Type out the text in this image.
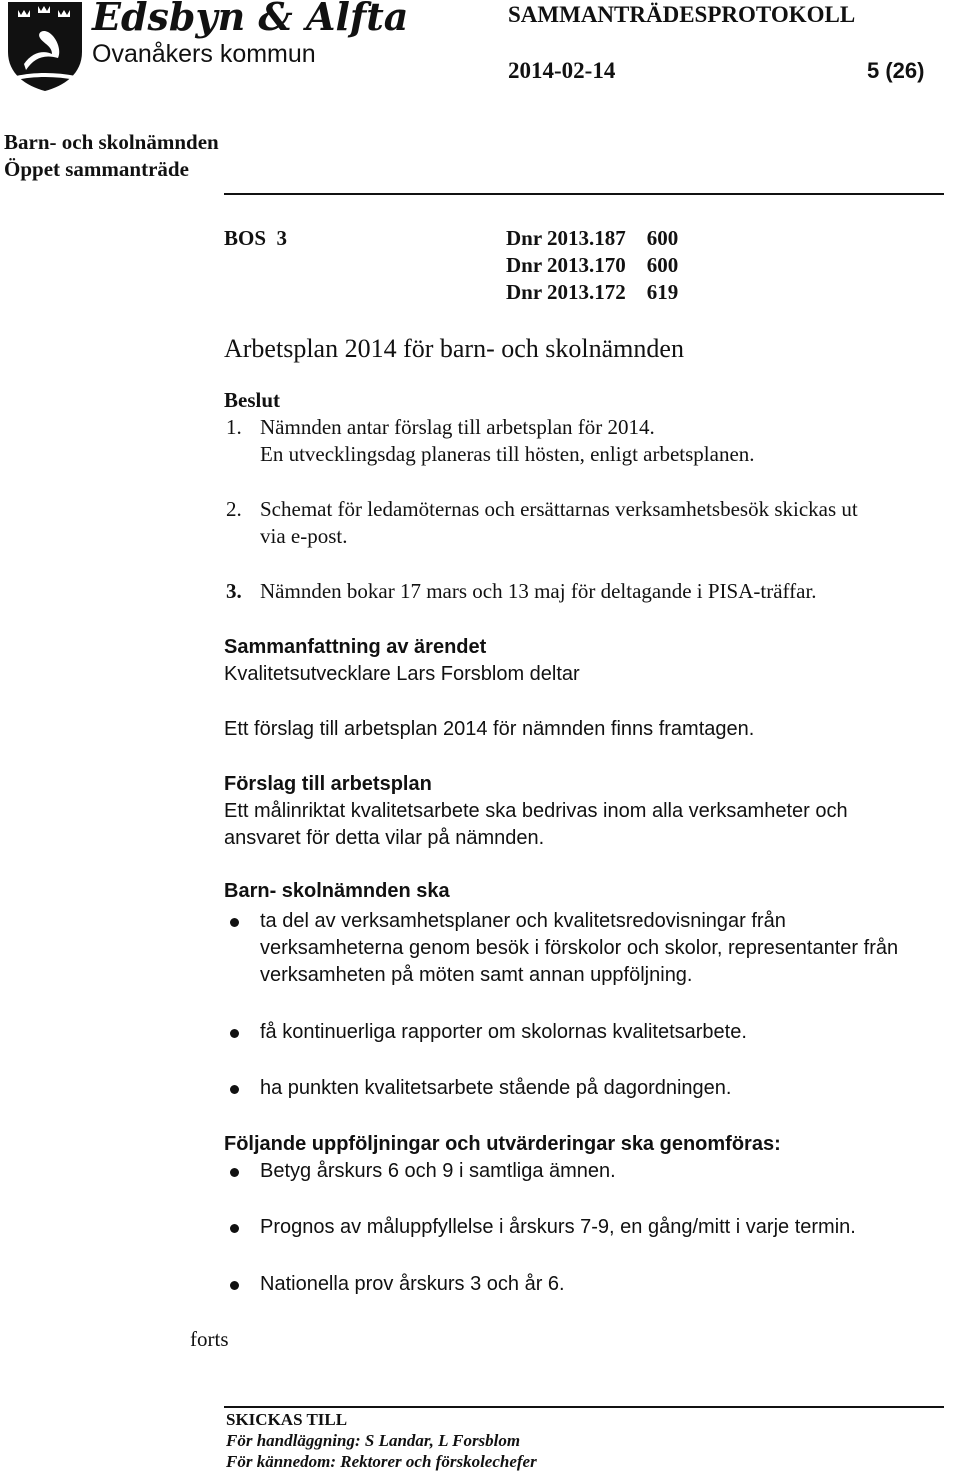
Edsbyn & Alfta
Ovanåkers kommun
SAMMANTRÄDESPROTOKOLL
2014-02-14	5 (26)
Barn- och skolnämnden
Öppet sammanträde
BOS  3	Dnr 2013.187    600
Dnr 2013.170    600
Dnr 2013.172    619
Arbetsplan 2014 för barn- och skolnämnden
Beslut
1. Nämnden antar förslag till arbetsplan för 2014.
En utvecklingsdag planeras till hösten, enligt arbetsplanen.
2. Schemat för ledamöternas och ersättarnas verksamhetsbesök skickas ut
via e-post.
3. Nämnden bokar 17 mars och 13 maj för deltagande i PISA-träffar.
Sammanfattning av ärendet
Kvalitetsutvecklare Lars Forsblom deltar
Ett förslag till arbetsplan 2014 för nämnden finns framtagen.
Förslag till arbetsplan
Ett målinriktat kvalitetsarbete ska bedrivas inom alla verksamheter och
ansvaret för detta vilar på nämnden.
Barn- skolnämnden ska
ta del av verksamhetsplaner och kvalitetsredovisningar från
verksamheterna genom besök i förskolor och skolor, representanter från
verksamheten på möten samt annan uppföljning.
få kontinuerliga rapporter om skolornas kvalitetsarbete.
ha punkten kvalitetsarbete stående på dagordningen.
Följande uppföljningar och utvärderingar ska genomföras:
Betyg årskurs 6 och 9 i samtliga ämnen.
Prognos av måluppfyllelse i årskurs 7-9, en gång/mitt i varje termin.
Nationella prov årskurs 3 och år 6.
forts
SKICKAS TILL
För handläggning: S Landar, L Forsblom
För kännedom: Rektorer och förskolechefer
